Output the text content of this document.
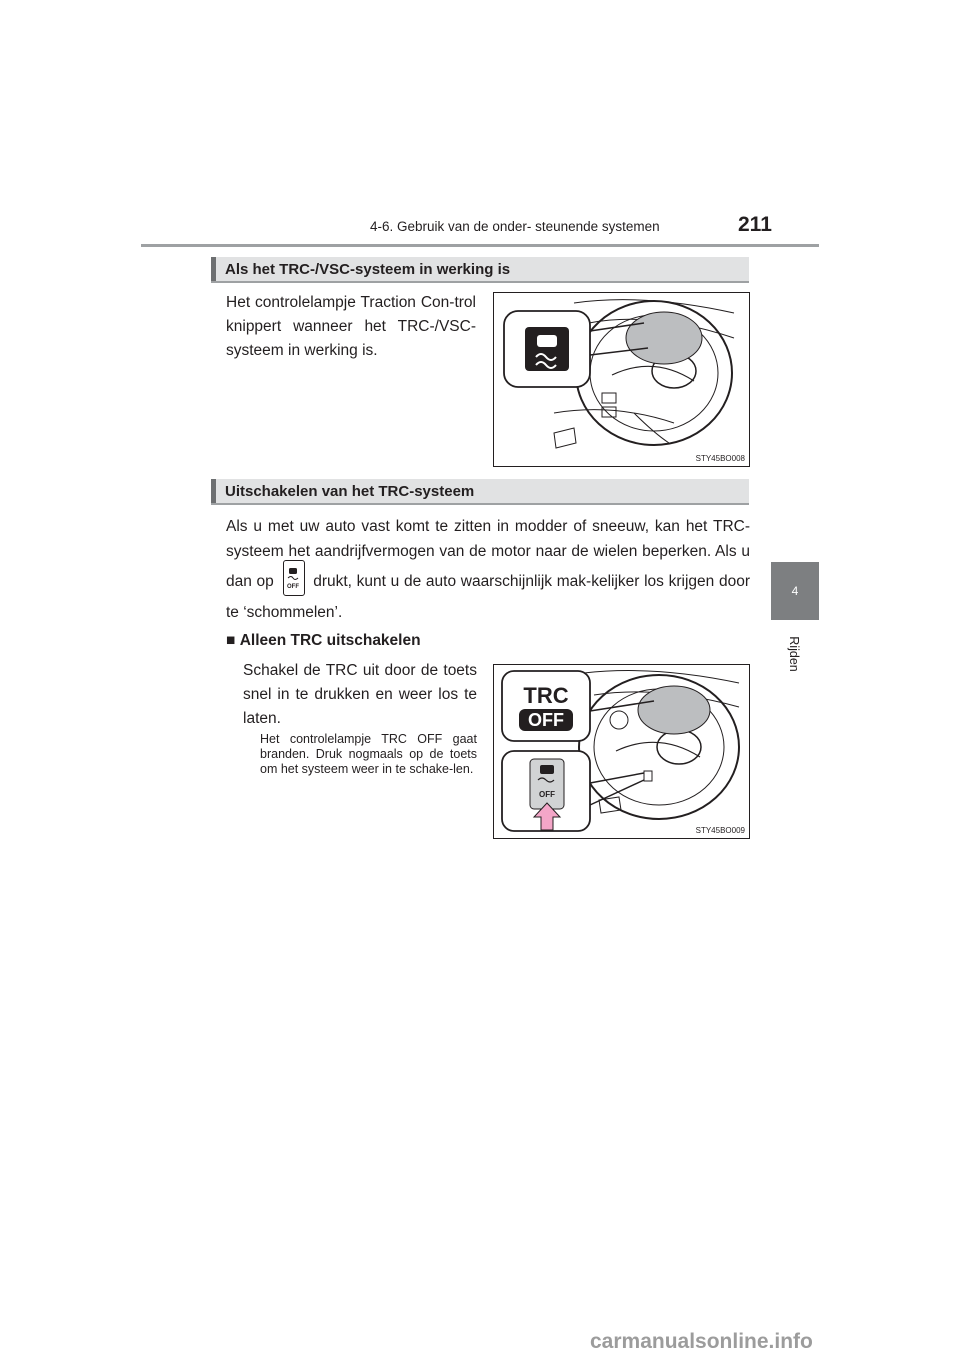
4-6. Gebruik van de onder- steunende systemen	211
4
Rijden
Als het TRC-/VSC-systeem in werking is
Het controlelampje Traction Con-trol knippert wanneer het TRC-/VSC-systeem in werking is.
STY45BO008
Uitschakelen van het TRC-systeem
Als u met uw auto vast komt te zitten in modder of sneeuw, kan het TRC-systeem het aandrijfvermogen van de motor naar de wielen beperken. Als u dan op OFF drukt, kunt u de auto waarschijnlijk mak-kelijker los krijgen door te ‘schommelen’.
■ Alleen TRC uitschakelen
Schakel de TRC uit door de toets snel in te drukken en weer los te laten.
Het controlelampje TRC OFF gaat branden. Druk nogmaals op de toets om het systeem weer in te schake-len.
TRC
OFF
OFF
STY45BO009
carmanualsonline.info
